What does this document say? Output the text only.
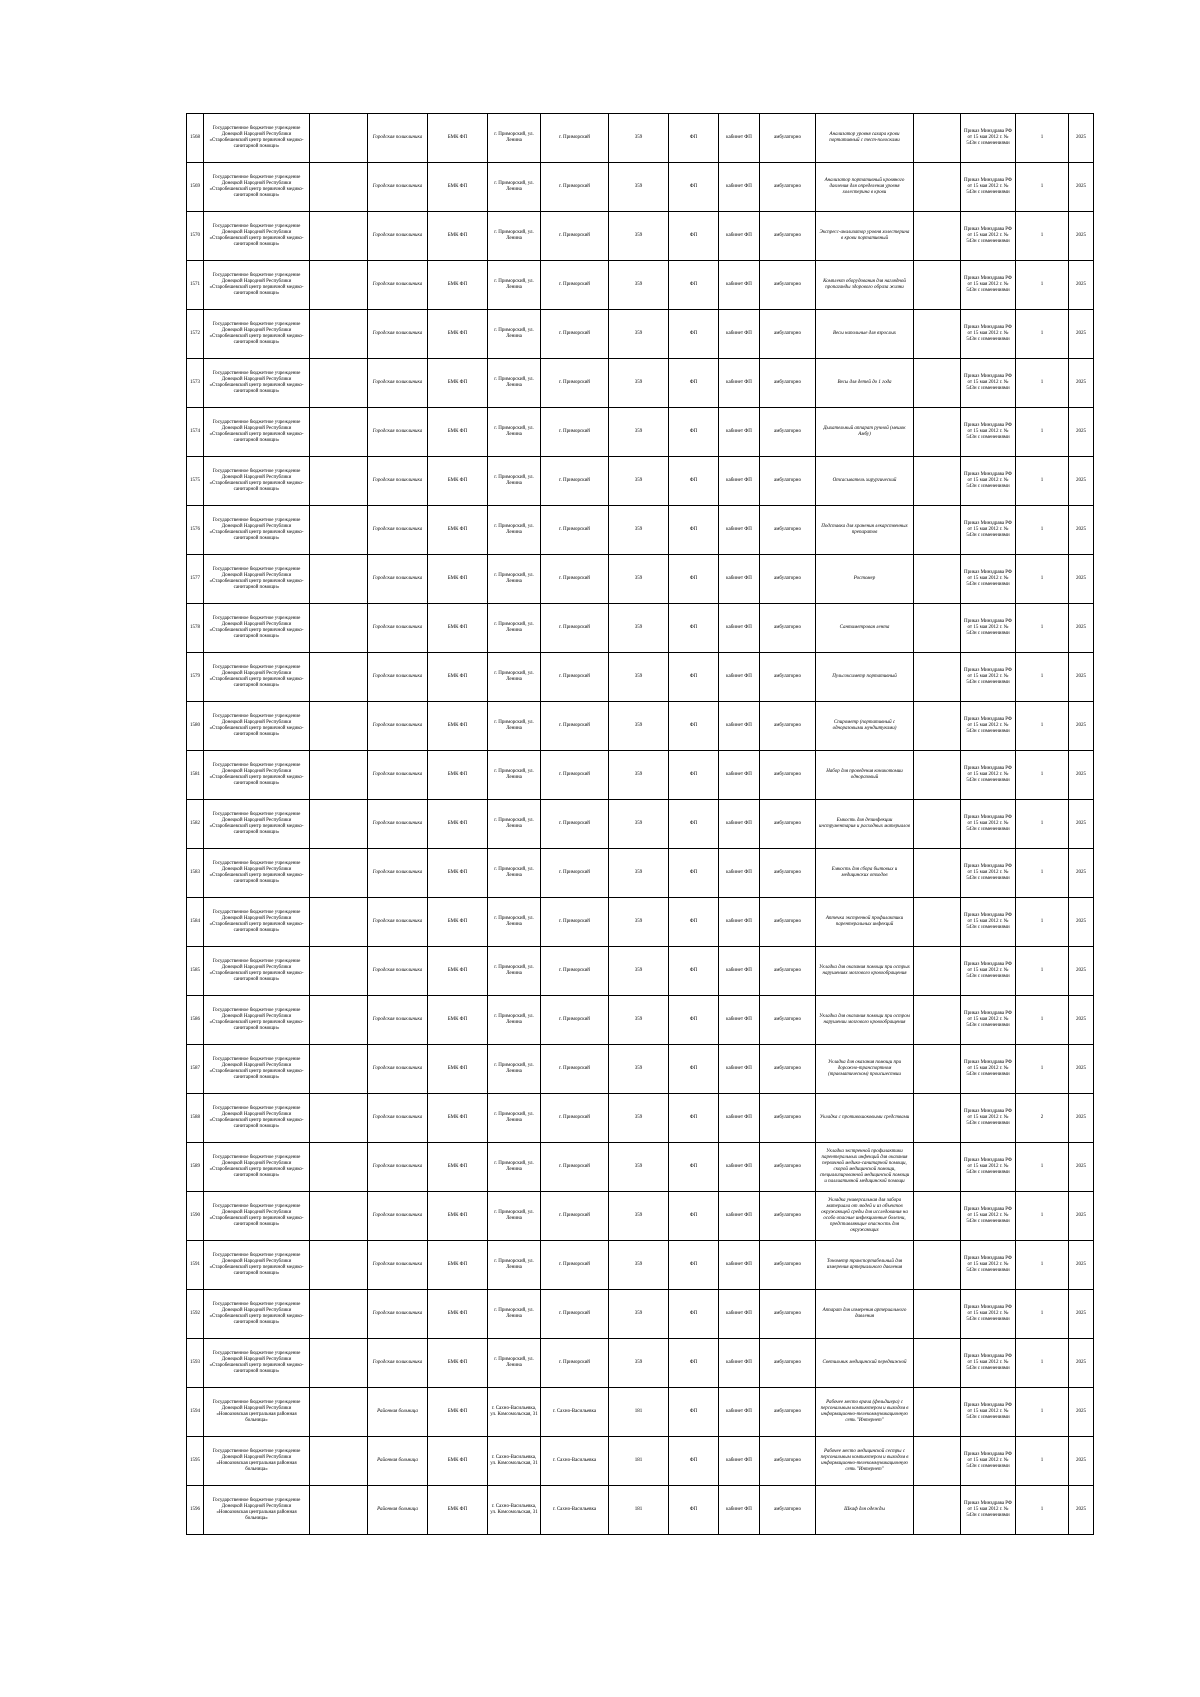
1568	Государственное бюджетное учреждение Донецкой Народной Республики «Старобешевский центр первичной медико-санитарной помощи»		Городская поликлиника	БМК ФП	г. Приморский, ул. Ленина	г. Приморский	359	ФП	кабинет ФП	амбулаторно	Анализатор уровня сахара крови портативный с тест-полосками		Приказ Минздрава РФ от 15 мая 2012 г. № 543н с изменениями	1	2025
1569	Государственное бюджетное учреждение Донецкой Народной Республики «Старобешевский центр первичной медико-санитарной помощи»		Городская поликлиника	БМК ФП	г. Приморский, ул. Ленина	г. Приморский	359	ФП	кабинет ФП	амбулаторно	Анализатор портативный кровяного давления для определения уровня холестерина в крови		Приказ Минздрава РФ от 15 мая 2012 г. № 543н с изменениями	1	2025
1570	Государственное бюджетное учреждение Донецкой Народной Республики «Старобешевский центр первичной медико-санитарной помощи»		Городская поликлиника	БМК ФП	г. Приморский, ул. Ленина	г. Приморский	359	ФП	кабинет ФП	амбулаторно	Экспресс-анализатор уровня холестерина в крови портативный		Приказ Минздрава РФ от 15 мая 2012 г. № 543н с изменениями	1	2025
1571	Государственное бюджетное учреждение Донецкой Народной Республики «Старобешевский центр первичной медико-санитарной помощи»		Городская поликлиника	БМК ФП	г. Приморский, ул. Ленина	г. Приморский	359	ФП	кабинет ФП	амбулаторно	Комплект оборудования для наглядной пропаганды здорового образа жизни		Приказ Минздрава РФ от 15 мая 2012 г. № 543н с изменениями	1	2025
1572	Государственное бюджетное учреждение Донецкой Народной Республики «Старобешевский центр первичной медико-санитарной помощи»		Городская поликлиника	БМК ФП	г. Приморский, ул. Ленина	г. Приморский	359	ФП	кабинет ФП	амбулаторно	Весы напольные для взрослых		Приказ Минздрава РФ от 15 мая 2012 г. № 543н с изменениями	1	2025
1573	Государственное бюджетное учреждение Донецкой Народной Республики «Старобешевский центр первичной медико-санитарной помощи»		Городская поликлиника	БМК ФП	г. Приморский, ул. Ленина	г. Приморский	359	ФП	кабинет ФП	амбулаторно	Весы для детей до 1 года		Приказ Минздрава РФ от 15 мая 2012 г. № 543н с изменениями	1	2025
1574	Государственное бюджетное учреждение Донецкой Народной Республики «Старобешевский центр первичной медико-санитарной помощи»		Городская поликлиника	БМК ФП	г. Приморский, ул. Ленина	г. Приморский	359	ФП	кабинет ФП	амбулаторно	Дыхательный аппарат ручной (мешок Амбу)		Приказ Минздрава РФ от 15 мая 2012 г. № 543н с изменениями	1	2025
1575	Государственное бюджетное учреждение Донецкой Народной Республики «Старобешевский центр первичной медико-санитарной помощи»		Городская поликлиника	БМК ФП	г. Приморский, ул. Ленина	г. Приморский	359	ФП	кабинет ФП	амбулаторно	Отсасыватель хирургический		Приказ Минздрава РФ от 15 мая 2012 г. № 543н с изменениями	1	2025
1576	Государственное бюджетное учреждение Донецкой Народной Республики «Старобешевский центр первичной медико-санитарной помощи»		Городская поликлиника	БМК ФП	г. Приморский, ул. Ленина	г. Приморский	359	ФП	кабинет ФП	амбулаторно	Подставка для хранения лекарственных препаратов		Приказ Минздрава РФ от 15 мая 2012 г. № 543н с изменениями	1	2025
1577	Государственное бюджетное учреждение Донецкой Народной Республики «Старобешевский центр первичной медико-санитарной помощи»		Городская поликлиника	БМК ФП	г. Приморский, ул. Ленина	г. Приморский	359	ФП	кабинет ФП	амбулаторно	Ростомер		Приказ Минздрава РФ от 15 мая 2012 г. № 543н с изменениями	1	2025
1578	Государственное бюджетное учреждение Донецкой Народной Республики «Старобешевский центр первичной медико-санитарной помощи»		Городская поликлиника	БМК ФП	г. Приморский, ул. Ленина	г. Приморский	359	ФП	кабинет ФП	амбулаторно	Сантиметровая лента		Приказ Минздрава РФ от 15 мая 2012 г. № 543н с изменениями	1	2025
1579	Государственное бюджетное учреждение Донецкой Народной Республики «Старобешевский центр первичной медико-санитарной помощи»		Городская поликлиника	БМК ФП	г. Приморский, ул. Ленина	г. Приморский	359	ФП	кабинет ФП	амбулаторно	Пульсоксиметр портативный		Приказ Минздрава РФ от 15 мая 2012 г. № 543н с изменениями	1	2025
1580	Государственное бюджетное учреждение Донецкой Народной Республики «Старобешевский центр первичной медико-санитарной помощи»		Городская поликлиника	БМК ФП	г. Приморский, ул. Ленина	г. Приморский	359	ФП	кабинет ФП	амбулаторно	Спирометр (портативный с одноразовыми мундштуками)		Приказ Минздрава РФ от 15 мая 2012 г. № 543н с изменениями	1	2025
1581	Государственное бюджетное учреждение Донецкой Народной Республики «Старобешевский центр первичной медико-санитарной помощи»		Городская поликлиника	БМК ФП	г. Приморский, ул. Ленина	г. Приморский	359	ФП	кабинет ФП	амбулаторно	Набор для проведения коникотомии одноразовый		Приказ Минздрава РФ от 15 мая 2012 г. № 543н с изменениями	1	2025
1582	Государственное бюджетное учреждение Донецкой Народной Республики «Старобешевский центр первичной медико-санитарной помощи»		Городская поликлиника	БМК ФП	г. Приморский, ул. Ленина	г. Приморский	359	ФП	кабинет ФП	амбулаторно	Емкость для дезинфекции инструментария и расходных материалов		Приказ Минздрава РФ от 15 мая 2012 г. № 543н с изменениями	1	2025
1583	Государственное бюджетное учреждение Донецкой Народной Республики «Старобешевский центр первичной медико-санитарной помощи»		Городская поликлиника	БМК ФП	г. Приморский, ул. Ленина	г. Приморский	359	ФП	кабинет ФП	амбулаторно	Емкость для сбора бытовых и медицинских отходов		Приказ Минздрава РФ от 15 мая 2012 г. № 543н с изменениями	1	2025
1584	Государственное бюджетное учреждение Донецкой Народной Республики «Старобешевский центр первичной медико-санитарной помощи»		Городская поликлиника	БМК ФП	г. Приморский, ул. Ленина	г. Приморский	359	ФП	кабинет ФП	амбулаторно	Аптечка экстренной профилактики парентеральных инфекций		Приказ Минздрава РФ от 15 мая 2012 г. № 543н с изменениями	1	2025
1585	Государственное бюджетное учреждение Донецкой Народной Республики «Старобешевский центр первичной медико-санитарной помощи»		Городская поликлиника	БМК ФП	г. Приморский, ул. Ленина	г. Приморский	359	ФП	кабинет ФП	амбулаторно	Укладка для оказания помощи при острых нарушениях мозгового кровообращения		Приказ Минздрава РФ от 15 мая 2012 г. № 543н с изменениями	1	2025
1586	Государственное бюджетное учреждение Донецкой Народной Республики «Старобешевский центр первичной медико-санитарной помощи»		Городская поликлиника	БМК ФП	г. Приморский, ул. Ленина	г. Приморский	359	ФП	кабинет ФП	амбулаторно	Укладка для оказания помощи при остром нарушении мозгового кровообращения		Приказ Минздрава РФ от 15 мая 2012 г. № 543н с изменениями	1	2025
1587	Государственное бюджетное учреждение Донецкой Народной Республики «Старобешевский центр первичной медико-санитарной помощи»		Городская поликлиника	БМК ФП	г. Приморский, ул. Ленина	г. Приморский	359	ФП	кабинет ФП	амбулаторно	Укладка для оказания помощи при дорожно-транспортном (травматическом) происшествии		Приказ Минздрава РФ от 15 мая 2012 г. № 543н с изменениями	1	2025
1588	Государственное бюджетное учреждение Донецкой Народной Республики «Старобешевский центр первичной медико-санитарной помощи»		Городская поликлиника	БМК ФП	г. Приморский, ул. Ленина	г. Приморский	359	ФП	кабинет ФП	амбулаторно	Укладка с противошоковыми средствами		Приказ Минздрава РФ от 15 мая 2012 г. № 543н с изменениями	2	2025
1589	Государственное бюджетное учреждение Донецкой Народной Республики «Старобешевский центр первичной медико-санитарной помощи»		Городская поликлиника	БМК ФП	г. Приморский, ул. Ленина	г. Приморский	359	ФП	кабинет ФП	амбулаторно	Укладка экстренной профилактики парентеральных инфекций для оказания первичной медико-санитарной помощи, скорой медицинской помощи, специализированной медицинской помощи и паллиативной медицинской помощи		Приказ Минздрава РФ от 15 мая 2012 г. № 543н с изменениями	1	2025
1590	Государственное бюджетное учреждение Донецкой Народной Республики «Старобешевский центр первичной медико-санитарной помощи»		Городская поликлиника	БМК ФП	г. Приморский, ул. Ленина	г. Приморский	359	ФП	кабинет ФП	амбулаторно	Укладка универсальная для забора материала от людей и из объектов окружающей среды для исследования на особо опасные инфекционные болезни, представляющие опасность для окружающих		Приказ Минздрава РФ от 15 мая 2012 г. № 543н с изменениями	1	2025
1591	Государственное бюджетное учреждение Донецкой Народной Республики «Старобешевский центр первичной медико-санитарной помощи»		Городская поликлиника	БМК ФП	г. Приморский, ул. Ленина	г. Приморский	359	ФП	кабинет ФП	амбулаторно	Тонометр транспортабельный для измерения артериального давления		Приказ Минздрава РФ от 15 мая 2012 г. № 543н с изменениями	1	2025
1592	Государственное бюджетное учреждение Донецкой Народной Республики «Старобешевский центр первичной медико-санитарной помощи»		Городская поликлиника	БМК ФП	г. Приморский, ул. Ленина	г. Приморский	359	ФП	кабинет ФП	амбулаторно	Аппарат для измерения артериального давления		Приказ Минздрава РФ от 15 мая 2012 г. № 543н с изменениями	1	2025
1593	Государственное бюджетное учреждение Донецкой Народной Республики «Старобешевский центр первичной медико-санитарной помощи»		Городская поликлиника	БМК ФП	г. Приморский, ул. Ленина	г. Приморский	359	ФП	кабинет ФП	амбулаторно	Светильник медицинский передвижной		Приказ Минздрава РФ от 15 мая 2012 г. № 543н с изменениями	1	2025
1594	Государственное бюджетное учреждение Донецкой Народной Республики «Новоазовская центральная районная больница»		Районная больница	БМК ФП	г. Сахно-Васильевка, ул. Комсомольская, 31	г. Сахно-Васильевка	181	ФП	кабинет ФП	амбулаторно	Рабочее место врача (фельдшера) с персональным компьютером и выходом в информационно-телекоммуникационную сеть "Интернет"		Приказ Минздрава РФ от 15 мая 2012 г. № 543н с изменениями	1	2025
1595	Государственное бюджетное учреждение Донецкой Народной Республики «Новоазовская центральная районная больница»		Районная больница	БМК ФП	г. Сахно-Васильевка, ул. Комсомольская, 31	г. Сахно-Васильевка	181	ФП	кабинет ФП	амбулаторно	Рабочее место медицинской сестры с персональным компьютером и выходом в информационно-телекоммуникационную сеть "Интернет"		Приказ Минздрава РФ от 15 мая 2012 г. № 543н с изменениями	1	2025
1596	Государственное бюджетное учреждение Донецкой Народной Республики «Новоазовская центральная районная больница»		Районная больница	БМК ФП	г. Сахно-Васильевка, ул. Комсомольская, 31	г. Сахно-Васильевка	181	ФП	кабинет ФП	амбулаторно	Шкаф для одежды		Приказ Минздрава РФ от 15 мая 2012 г. № 543н с изменениями	1	2025
